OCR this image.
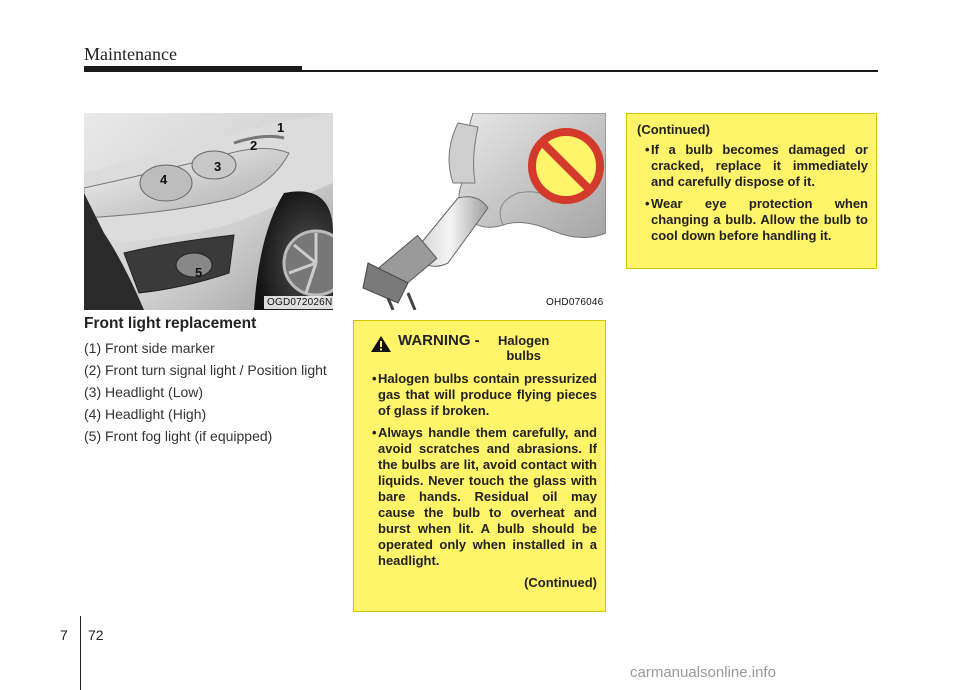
Maintenance
OGD072026N
1
2
3
4
5
OHD076046
Front light replacement
(1) Front side marker
(2) Front turn signal light / Position light
(3) Headlight (Low)
(4) Headlight (High)
(5) Front fog light (if equipped)
WARNING -	Halogen bulbs
• Halogen bulbs contain pressurized gas that will produce flying pieces of glass if broken.
• Always handle them carefully, and avoid scratches and abrasions. If the bulbs are lit, avoid contact with liquids. Never touch the glass with bare hands. Residual oil may cause the bulb to overheat and burst when lit. A bulb should be operated only when installed in a headlight.
(Continued)
(Continued)
• If a bulb becomes damaged or cracked, replace it immediately and carefully dispose of it.
• Wear eye protection when changing a bulb. Allow the bulb to cool down before handling it.
7 72
carmanualsonline.info
